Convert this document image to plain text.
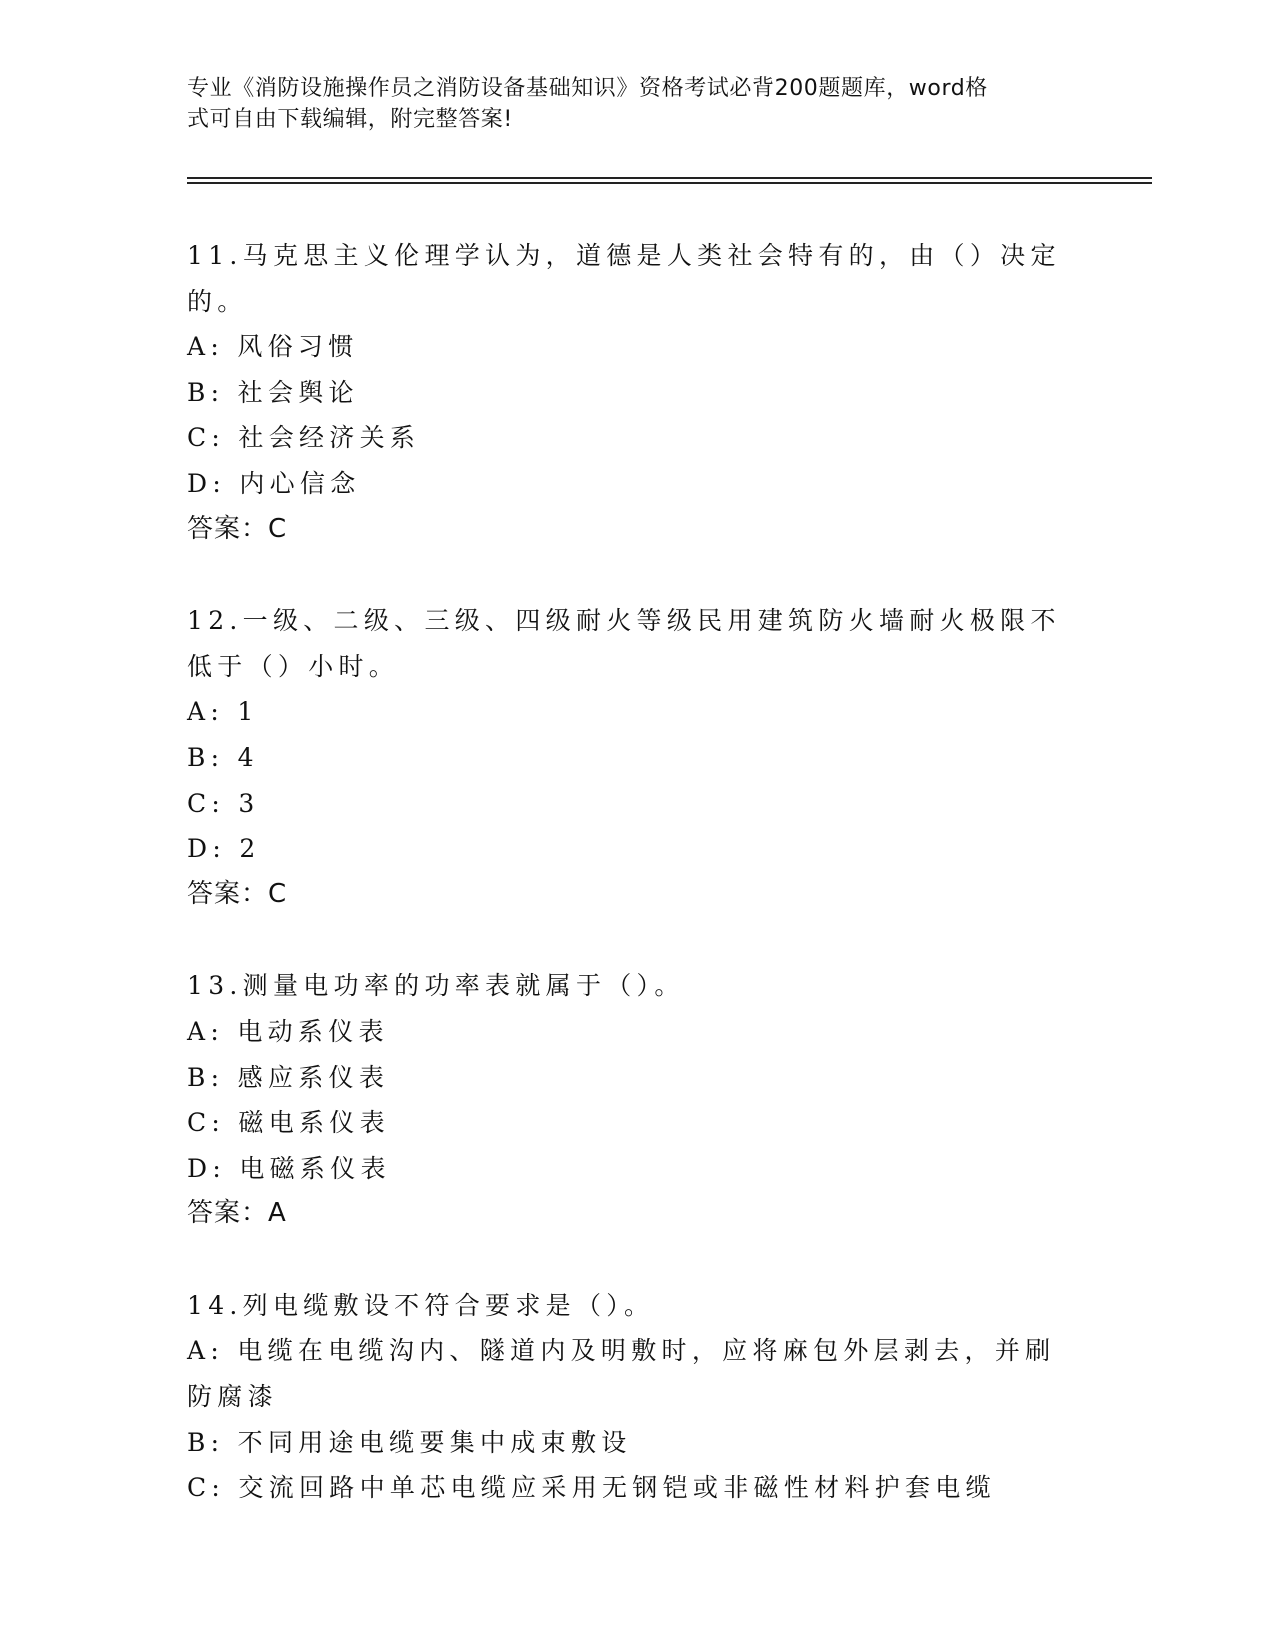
专业《消防设施操作员之消防设备基础知识》资格考试必背200题题库，word格
式可自由下载编辑，附完整答案!
11.马克思主义伦理学认为，道德是人类社会特有的，由（）决定的。
A: 风俗习惯
B: 社会舆论
C: 社会经济关系
D: 内心信念
答案：C
12.一级、二级、三级、四级耐火等级民用建筑防火墙耐火极限不低于（）小时。
A: 1
B: 4
C: 3
D: 2
答案：C
13.测量电功率的功率表就属于（）。
A: 电动系仪表
B: 感应系仪表
C: 磁电系仪表
D: 电磁系仪表
答案：A
14.列电缆敷设不符合要求是（）。
A: 电缆在电缆沟内、隧道内及明敷时，应将麻包外层剥去，并刷防腐漆
B: 不同用途电缆要集中成束敷设
C: 交流回路中单芯电缆应采用无钢铠或非磁性材料护套电缆
